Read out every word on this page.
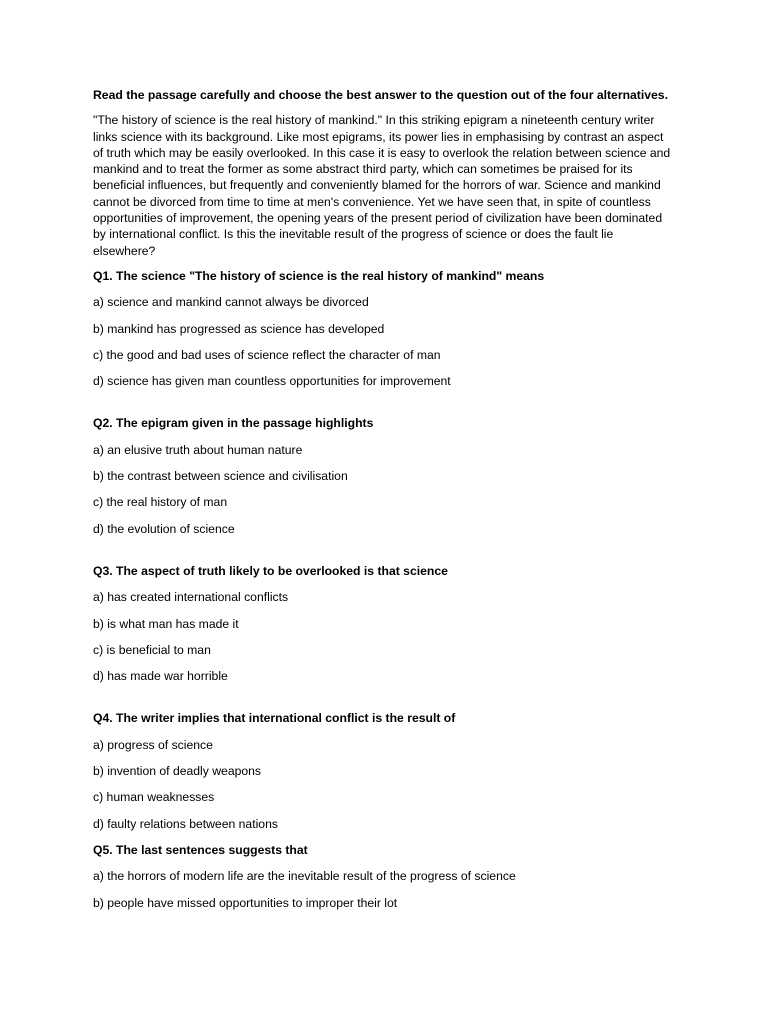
Read the passage carefully and choose the best answer to the question out of the four alternatives.

"The history of science is the real history of mankind." In this striking epigram a nineteenth century writer links science with its background. Like most epigrams, its power lies in emphasising by contrast an aspect of truth which may be easily overlooked. In this case it is easy to overlook the relation between science and mankind and to treat the former as some abstract third party, which can sometimes be praised for its beneficial influences, but frequently and conveniently blamed for the horrors of war. Science and mankind cannot be divorced from time to time at men's convenience. Yet we have seen that, in spite of countless opportunities of improvement, the opening years of the present period of civilization have been dominated by international conflict. Is this the inevitable result of the progress of science or does the fault lie elsewhere?

Q1. The science "The history of science is the real history of mankind" means

a) science and mankind cannot always be divorced

b) mankind has progressed as science has developed

c) the good and bad uses of science reflect the character of man

d) science has given man countless opportunities for improvement

Q2. The epigram given in the passage highlights

a) an elusive truth about human nature

b) the contrast between science and civilisation

c) the real history of man

d) the evolution of science

Q3. The aspect of truth likely to be overlooked is that science

a) has created international conflicts

b) is what man has made it

c) is beneficial to man

d) has made war horrible

Q4. The writer implies that international conflict is the result of

a) progress of science

b) invention of deadly weapons

c) human weaknesses

d) faulty relations between nations

Q5. The last sentences suggests that

a) the horrors of modern life are the inevitable result of the progress of science

b) people have missed opportunities to improper their lot
